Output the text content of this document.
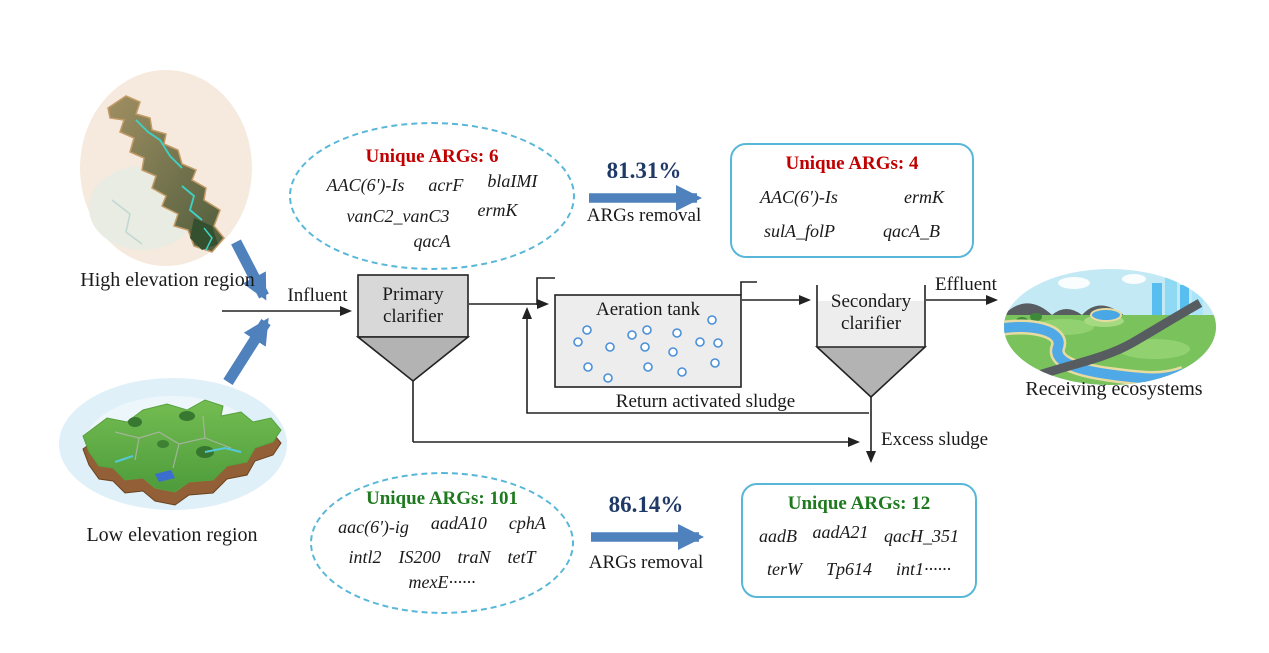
High elevation region
Low elevation region
Receiving ecosystems
Influent
Effluent
Primary clarifier	Aeration tank	Secondary clarifier
Return activated sludge
Excess sludge
81.31%
ARGs removal
86.14%
ARGs removal
Unique ARGs: 6
AAC(6')-Is acrF blaIMI
vanC2_vanC3 ermK
qacA
Unique ARGs: 4
AAC(6')-Is	ermK
sulA_folP	qacA_B
Unique ARGs: 101
aac(6')-ig aadA10 cphA
intl2 IS200 traN tetT
mexE······
Unique ARGs: 12
aadB aadA21 qacH_351
terW Tp614 int1······
